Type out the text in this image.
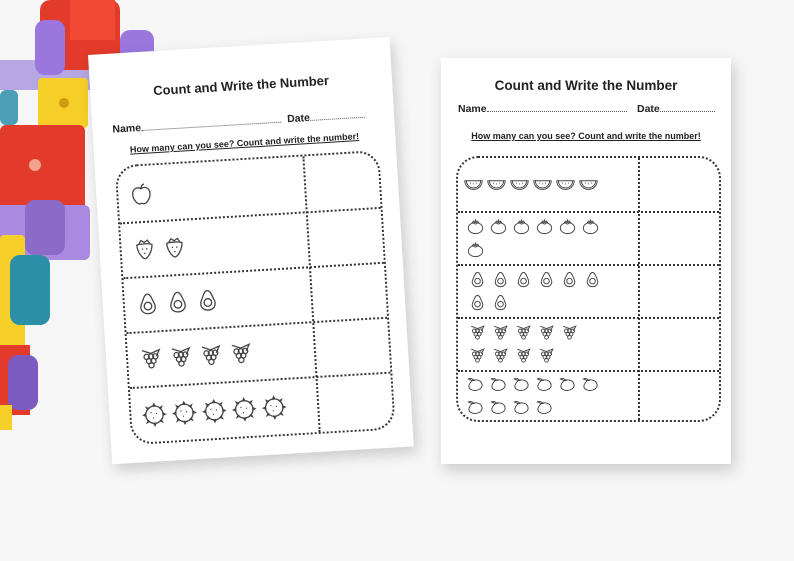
Count and Write the Number
Name
Date
How many can you see? Count and write the number!
Count and Write the Number
Name	Date
How many can you see? Count and write the number!
